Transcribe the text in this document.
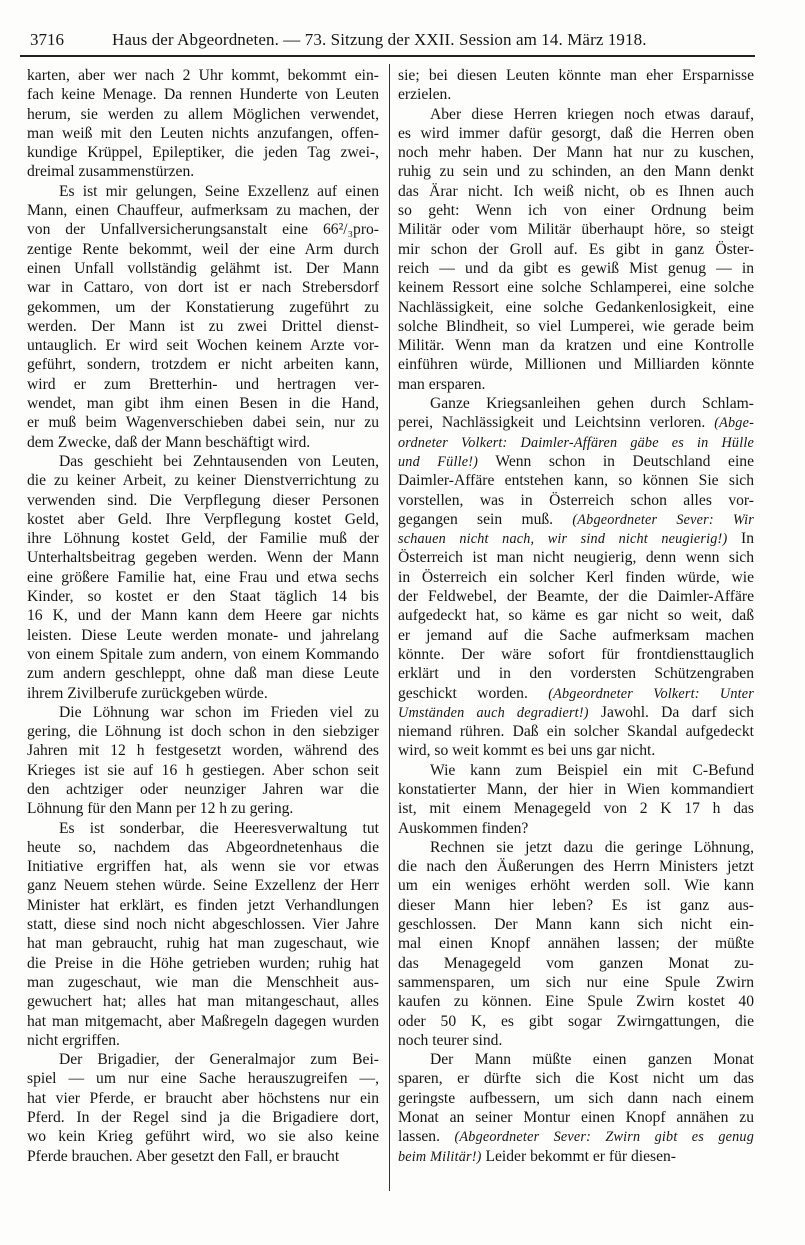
3716	Haus der Abgeordneten. — 73. Sitzung der XXII. Session am 14. März 1918.
karten, aber wer nach 2 Uhr kommt, bekommt ein-
fach keine Menage. Da rennen Hunderte von Leuten
herum, sie werden zu allem Möglichen verwendet,
man weiß mit den Leuten nichts anzufangen, offen-
kundige Krüppel, Epileptiker, die jeden Tag zwei-,
dreimal zusammenstürzen.
Es ist mir gelungen, Seine Exzellenz auf einen
Mann, einen Chauffeur, aufmerksam zu machen, der
von der Unfallversicherungsanstalt eine 66²/₃pro-
zentige Rente bekommt, weil der eine Arm durch
einen Unfall vollständig gelähmt ist. Der Mann
war in Cattaro, von dort ist er nach Strebersdorf
gekommen, um der Konstatierung zugeführt zu
werden. Der Mann ist zu zwei Drittel dienst-
untauglich. Er wird seit Wochen keinem Arzte vor-
geführt, sondern, trotzdem er nicht arbeiten kann,
wird er zum Bretterhin- und hertragen ver-
wendet, man gibt ihm einen Besen in die Hand,
er muß beim Wagenverschieben dabei sein, nur zu
dem Zwecke, daß der Mann beschäftigt wird.
Das geschieht bei Zehntausenden von Leuten,
die zu keiner Arbeit, zu keiner Dienstverrichtung zu
verwenden sind. Die Verpflegung dieser Personen
kostet aber Geld. Ihre Verpflegung kostet Geld,
ihre Löhnung kostet Geld, der Familie muß der
Unterhaltsbeitrag gegeben werden. Wenn der Mann
eine größere Familie hat, eine Frau und etwa sechs
Kinder, so kostet er den Staat täglich 14 bis
16 K, und der Mann kann dem Heere gar nichts
leisten. Diese Leute werden monate- und jahrelang
von einem Spitale zum andern, von einem Kommando
zum andern geschleppt, ohne daß man diese Leute
ihrem Zivilberufe zurückgeben würde.
Die Löhnung war schon im Frieden viel zu
gering, die Löhnung ist doch schon in den siebziger
Jahren mit 12 h festgesetzt worden, während des
Krieges ist sie auf 16 h gestiegen. Aber schon seit
den achtziger oder neunziger Jahren war die
Löhnung für den Mann per 12 h zu gering.
Es ist sonderbar, die Heeresverwaltung tut
heute so, nachdem das Abgeordnetenhaus die
Initiative ergriffen hat, als wenn sie vor etwas
ganz Neuem stehen würde. Seine Exzellenz der Herr
Minister hat erklärt, es finden jetzt Verhandlungen
statt, diese sind noch nicht abgeschlossen. Vier Jahre
hat man gebraucht, ruhig hat man zugeschaut, wie
die Preise in die Höhe getrieben wurden; ruhig hat
man zugeschaut, wie man die Menschheit aus-
gewuchert hat; alles hat man mitangeschaut, alles
hat man mitgemacht, aber Maßregeln dagegen wurden
nicht ergriffen.
Der Brigadier, der Generalmajor zum Bei-
spiel — um nur eine Sache herauszugreifen —,
hat vier Pferde, er braucht aber höchstens nur ein
Pferd. In der Regel sind ja die Brigadiere dort,
wo kein Krieg geführt wird, wo sie also keine
Pferde brauchen. Aber gesetzt den Fall, er braucht
sie; bei diesen Leuten könnte man eher Ersparnisse
erzielen.
Aber diese Herren kriegen noch etwas darauf,
es wird immer dafür gesorgt, daß die Herren oben
noch mehr haben. Der Mann hat nur zu kuschen,
ruhig zu sein und zu schinden, an den Mann denkt
das Ärar nicht. Ich weiß nicht, ob es Ihnen auch
so geht: Wenn ich von einer Ordnung beim
Militär oder vom Militär überhaupt höre, so steigt
mir schon der Groll auf. Es gibt in ganz Öster-
reich — und da gibt es gewiß Mist genug — in
keinem Ressort eine solche Schlamperei, eine solche
Nachlässigkeit, eine solche Gedankenlosigkeit, eine
solche Blindheit, so viel Lumperei, wie gerade beim
Militär. Wenn man da kratzen und eine Kontrolle
einführen würde, Millionen und Milliarden könnte
man ersparen.
Ganze Kriegsanleihen gehen durch Schlam-
perei, Nachlässigkeit und Leichtsinn verloren. (Abge-
ordneter Volkert: Daimler-Affären gäbe es in Hülle
und Fülle!) Wenn schon in Deutschland eine
Daimler-Affäre entstehen kann, so können Sie sich
vorstellen, was in Österreich schon alles vor-
gegangen sein muß. (Abgeordneter Sever: Wir
schauen nicht nach, wir sind nicht neugierig!) In
Österreich ist man nicht neugierig, denn wenn sich
in Österreich ein solcher Kerl finden würde, wie
der Feldwebel, der Beamte, der die Daimler-Affäre
aufgedeckt hat, so käme es gar nicht so weit, daß
er jemand auf die Sache aufmerksam machen
könnte. Der wäre sofort für frontdiensttauglich
erklärt und in den vordersten Schützengraben
geschickt worden. (Abgeordneter Volkert: Unter
Umständen auch degradiert!) Jawohl. Da darf sich
niemand rühren. Daß ein solcher Skandal aufgedeckt
wird, so weit kommt es bei uns gar nicht.
Wie kann zum Beispiel ein mit C-Befund
konstatierter Mann, der hier in Wien kommandiert
ist, mit einem Menagegeld von 2 K 17 h das
Auskommen finden?
Rechnen sie jetzt dazu die geringe Löhnung,
die nach den Äußerungen des Herrn Ministers jetzt
um ein weniges erhöht werden soll. Wie kann
dieser Mann hier leben? Es ist ganz aus-
geschlossen. Der Mann kann sich nicht ein-
mal einen Knopf annähen lassen; der müßte
das Menagegeld vom ganzen Monat zu-
sammensparen, um sich nur eine Spule Zwirn
kaufen zu können. Eine Spule Zwirn kostet 40
oder 50 K, es gibt sogar Zwirngattungen, die
noch teurer sind.
Der Mann müßte einen ganzen Monat
sparen, er dürfte sich die Kost nicht um das
geringste aufbessern, um sich dann nach einem
Monat an seiner Montur einen Knopf annähen zu
lassen. (Abgeordneter Sever: Zwirn gibt es genug
beim Militär!) Leider bekommt er für diesen-
